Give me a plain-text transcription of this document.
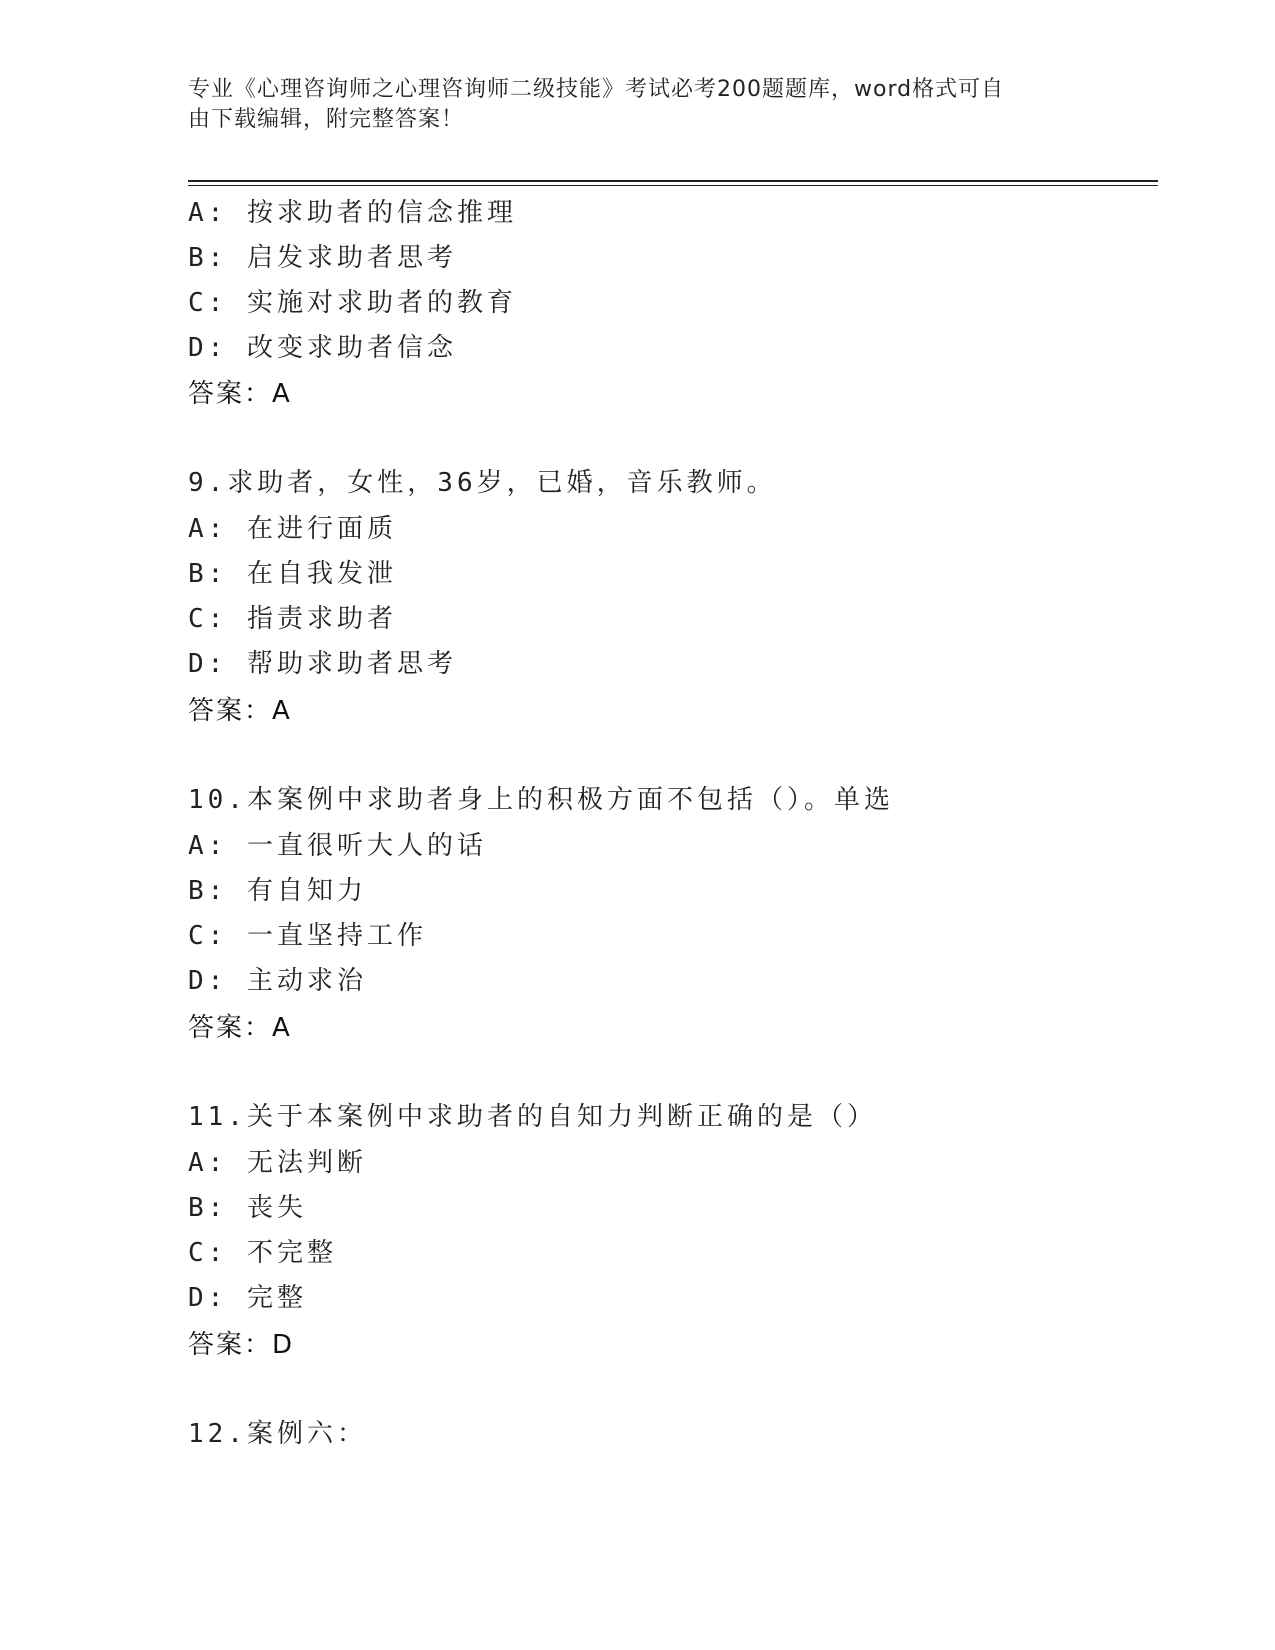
专业《心理咨询师之心理咨询师二级技能》考试必考200题题库，word格式可自
由下载编辑，附完整答案！
A: 按求助者的信念推理
B: 启发求助者思考
C: 实施对求助者的教育
D: 改变求助者信念
答案：A
9.求助者，女性，36岁，已婚，音乐教师。
A: 在进行面质
B: 在自我发泄
C: 指责求助者
D: 帮助求助者思考
答案：A
10.本案例中求助者身上的积极方面不包括（）。单选
A: 一直很听大人的话
B: 有自知力
C: 一直坚持工作
D: 主动求治
答案：A
11.关于本案例中求助者的自知力判断正确的是（）
A: 无法判断
B: 丧失
C: 不完整
D: 完整
答案：D
12.案例六：
